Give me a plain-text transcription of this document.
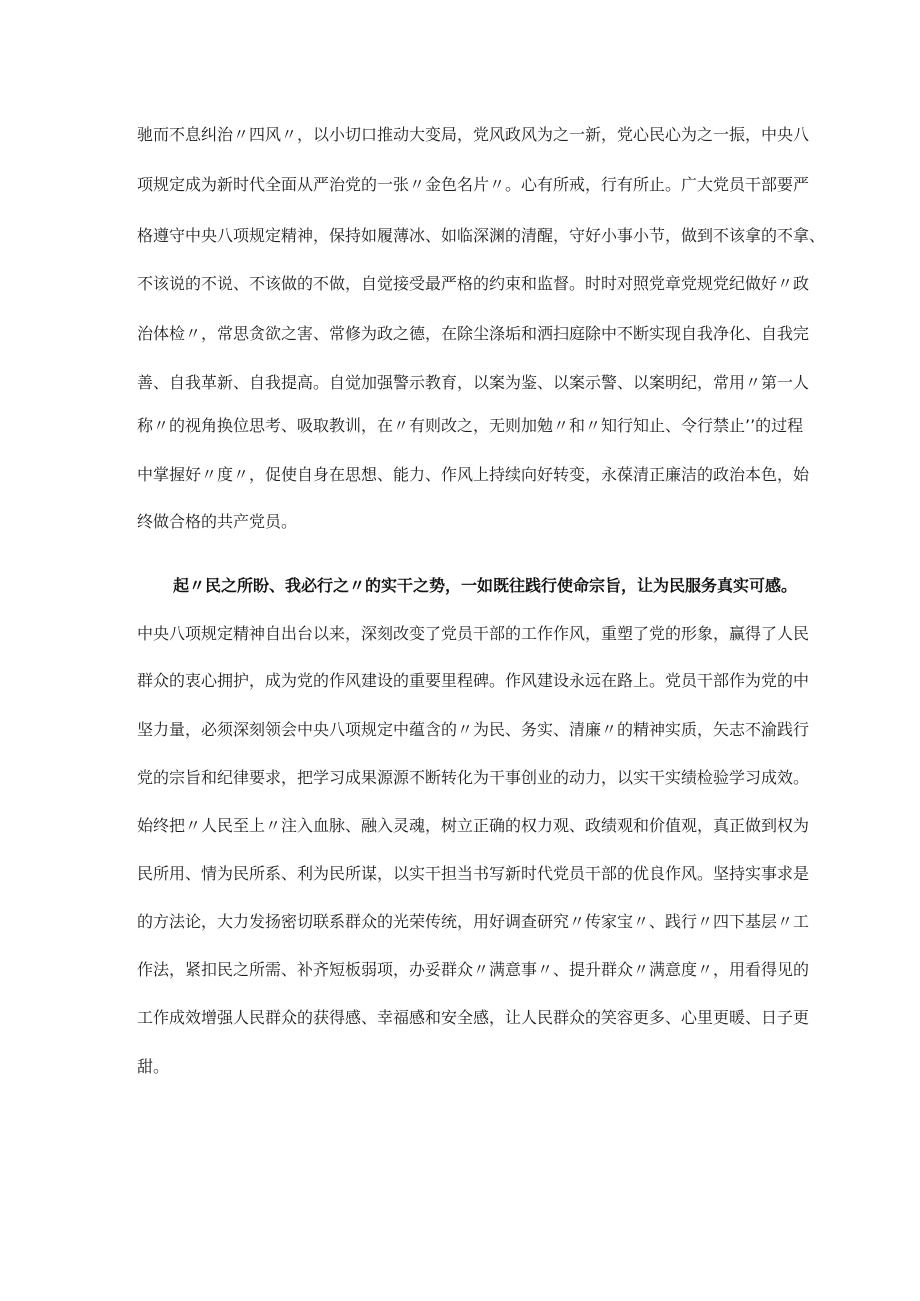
驰而不息纠治〃四风〃，以小切口推动大变局，党风政风为之一新，党心民心为之一振，中央八

项规定成为新时代全面从严治党的一张〃金色名片〃。心有所戒，行有所止。广大党员干部要严

格遵守中央八项规定精神，保持如履薄冰、如临深渊的清醒，守好小事小节，做到不该拿的不拿、

不该说的不说、不该做的不做，自觉接受最严格的约束和监督。时时对照党章党规党纪做好〃政

治体检〃，常思贪欲之害、常修为政之德，在除尘涤垢和洒扫庭除中不断实现自我净化、自我完

善、自我革新、自我提高。自觉加强警示教育，以案为鉴、以案示警、以案明纪，常用〃第一人

称〃的视角换位思考、吸取教训，在〃有则改之，无则加勉〃和〃知行知止、令行禁止’’的过程

中掌握好〃度〃，促使自身在思想、能力、作风上持续向好转变，永葆清正廉洁的政治本色，始

终做合格的共产党员。

起〃民之所盼、我必行之〃的实干之势，一如既往践行使命宗旨，让为民服务真实可感。

中央八项规定精神自出台以来，深刻改变了党员干部的工作作风，重塑了党的形象，赢得了人民

群众的衷心拥护，成为党的作风建设的重要里程碑。作风建设永远在路上。党员干部作为党的中

坚力量，必须深刻领会中央八项规定中蕴含的〃为民、务实、清廉〃的精神实质，矢志不渝践行

党的宗旨和纪律要求，把学习成果源源不断转化为干事创业的动力，以实干实绩检验学习成效。

始终把〃人民至上〃注入血脉、融入灵魂，树立正确的权力观、政绩观和价值观，真正做到权为

民所用、情为民所系、利为民所谋，以实干担当书写新时代党员干部的优良作风。坚持实事求是

的方法论，大力发扬密切联系群众的光荣传统，用好调查研究〃传家宝〃、践行〃四下基层〃工

作法，紧扣民之所需、补齐短板弱项，办妥群众〃满意事〃、提升群众〃满意度〃，用看得见的

工作成效增强人民群众的获得感、幸福感和安全感，让人民群众的笑容更多、心里更暖、日子更

甜。
